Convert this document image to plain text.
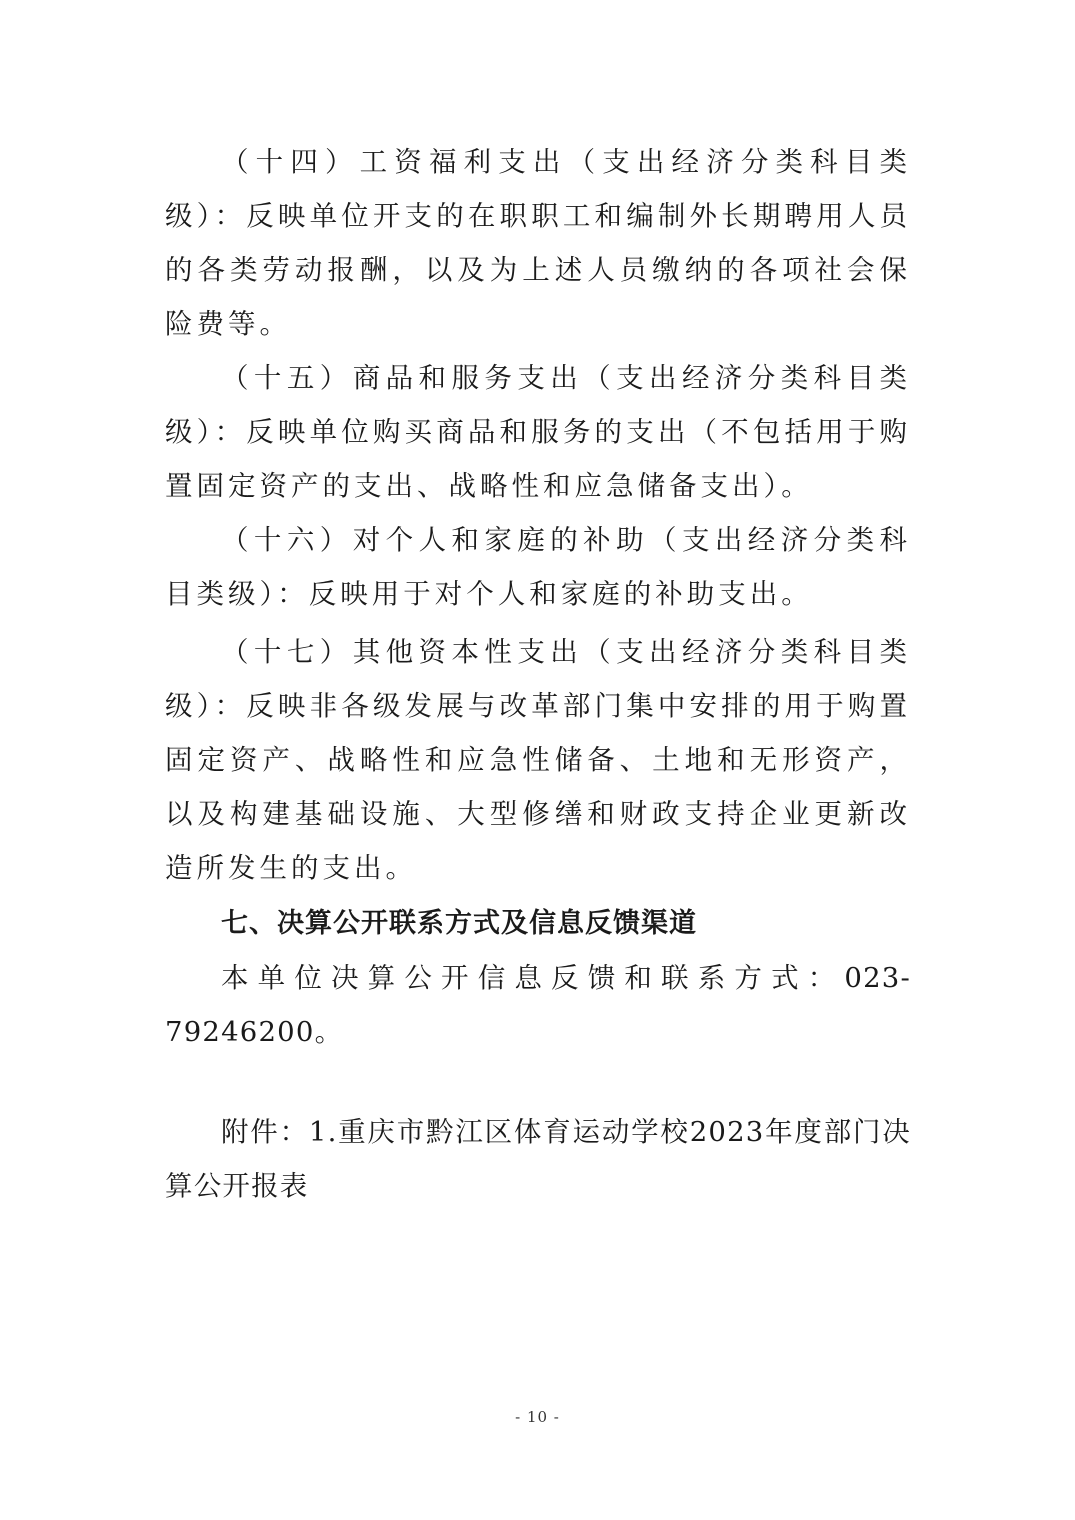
（十四）工资福利支出（支出经济分类科目类级）：反映单位开支的在职职工和编制外长期聘用人员的各类劳动报酬，以及为上述人员缴纳的各项社会保险费等。

（十五）商品和服务支出（支出经济分类科目类级）：反映单位购买商品和服务的支出（不包括用于购置固定资产的支出、战略性和应急储备支出）。

（十六）对个人和家庭的补助（支出经济分类科目类级）：反映用于对个人和家庭的补助支出。

（十七）其他资本性支出（支出经济分类科目类级）：反映非各级发展与改革部门集中安排的用于购置固定资产、战略性和应急性储备、土地和无形资产，以及构建基础设施、大型修缮和财政支持企业更新改造所发生的支出。

七、决算公开联系方式及信息反馈渠道

本单位决算公开信息反馈和联系方式：023-79246200。

附件：1.重庆市黔江区体育运动学校2023年度部门决算公开报表

- 10 -
